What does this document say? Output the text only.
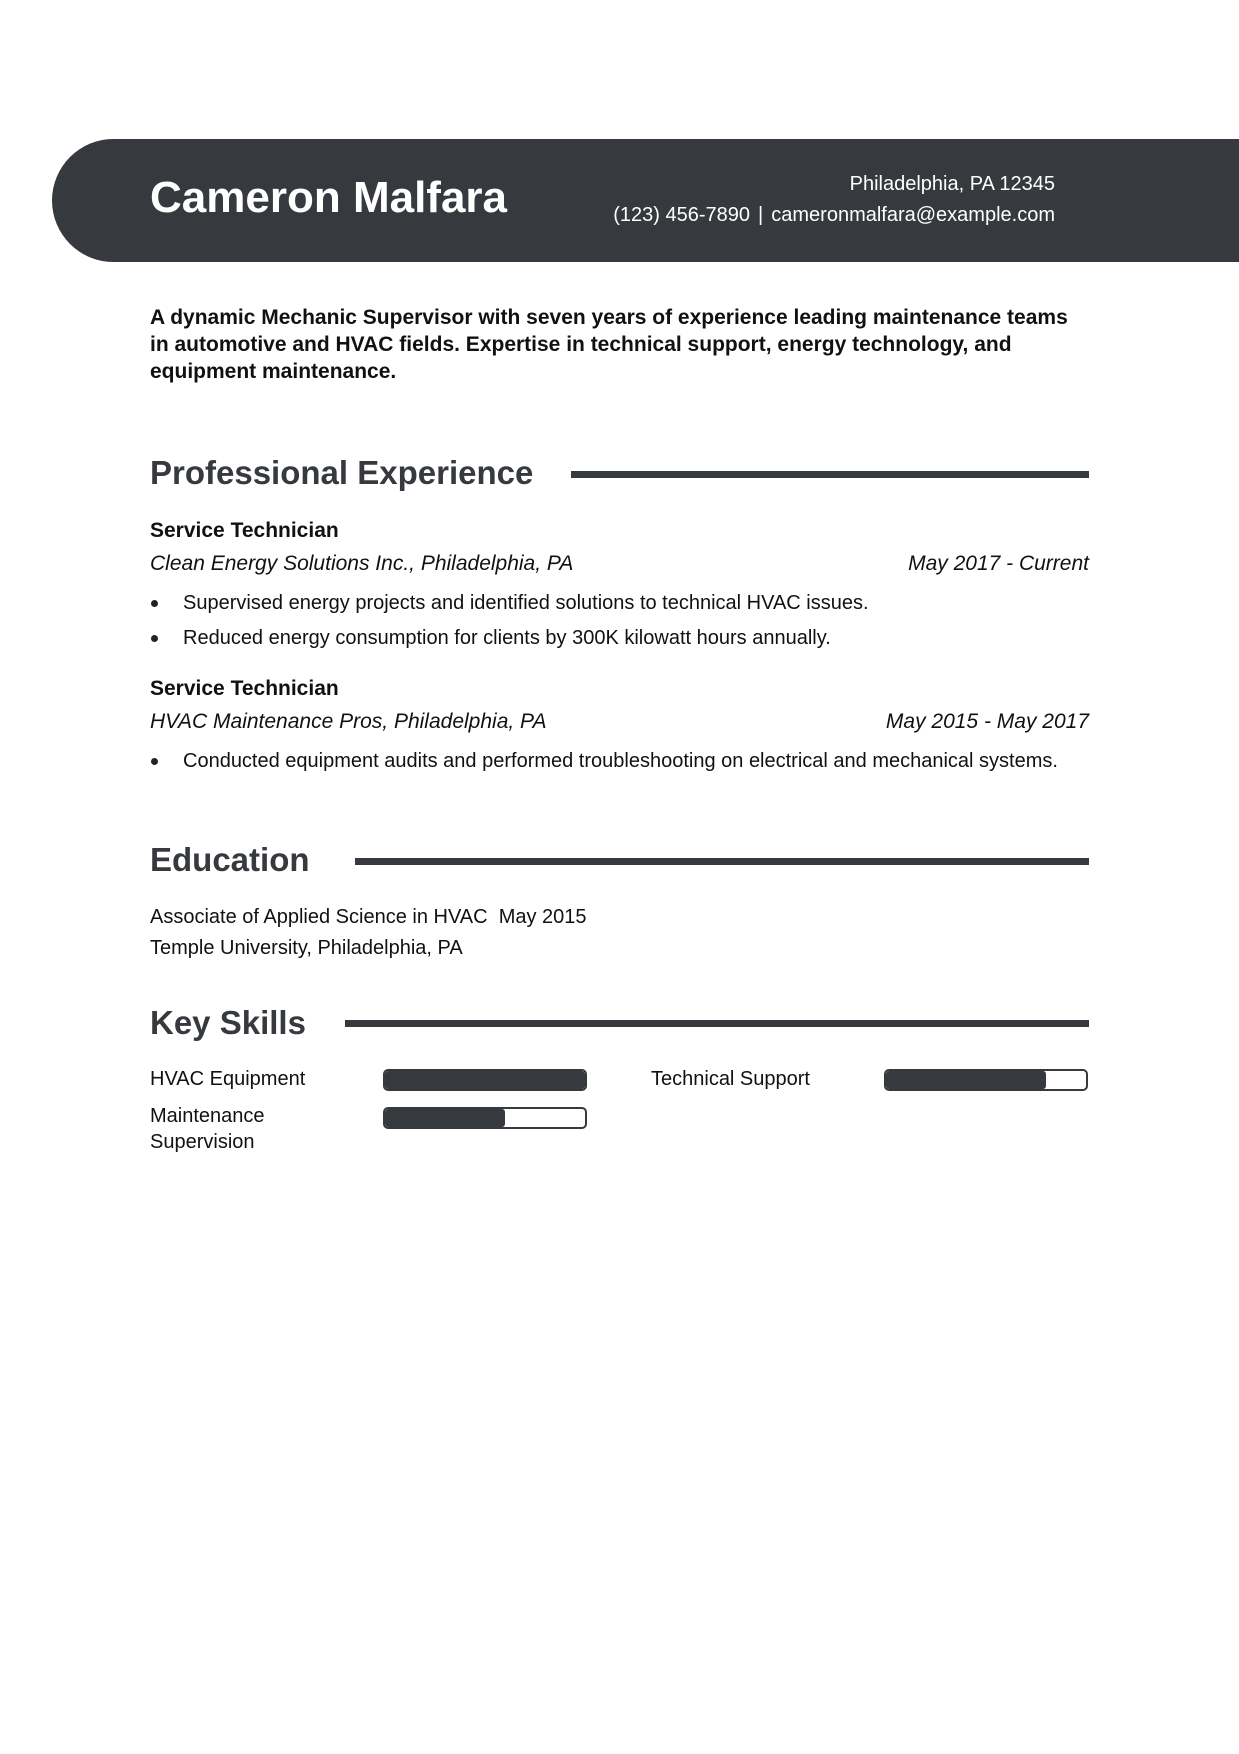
Cameron Malfara	Philadelphia, PA 12345
(123) 456-7890 | cameronmalfara@example.com
A dynamic Mechanic Supervisor with seven years of experience leading maintenance teams in automotive and HVAC fields. Expertise in technical support, energy technology, and equipment maintenance.
Professional Experience
Service Technician
Clean Energy Solutions Inc., Philadelphia, PA	May 2017 - Current
Supervised energy projects and identified solutions to technical HVAC issues.
Reduced energy consumption for clients by 300K kilowatt hours annually.
Service Technician
HVAC Maintenance Pros, Philadelphia, PA	May 2015 - May 2017
Conducted equipment audits and performed troubleshooting on electrical and mechanical systems.
Education
Associate of Applied Science in HVAC  May 2015
Temple University, Philadelphia, PA
Key Skills
HVAC Equipment	Technical Support
Maintenance Supervision
